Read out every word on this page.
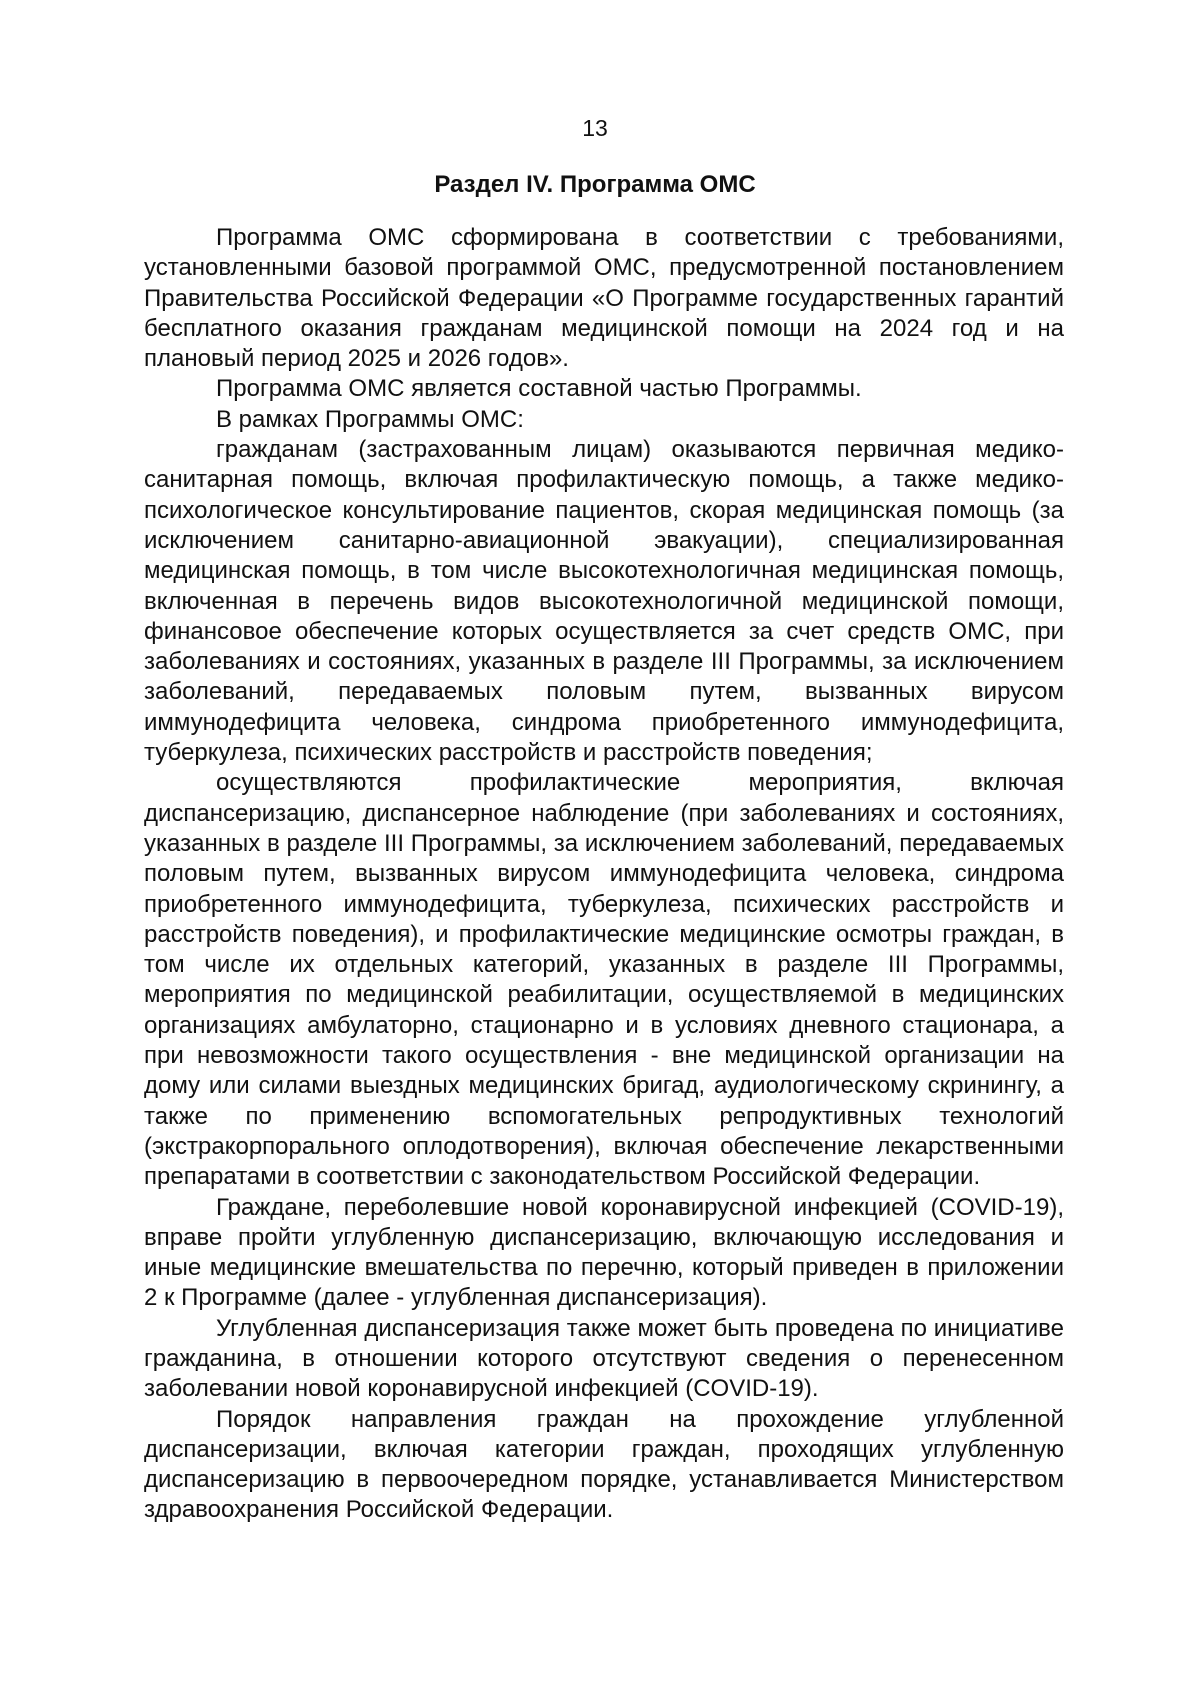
13
Раздел IV. Программа ОМС

Программа ОМС сформирована в соответствии с требованиями, установленными базовой программой ОМС, предусмотренной постановлением Правительства Российской Федерации «О Программе государственных гарантий бесплатного оказания гражданам медицинской помощи на 2024 год и на плановый период 2025 и 2026 годов».

Программа ОМС является составной частью Программы.

В рамках Программы ОМС:

гражданам (застрахованным лицам) оказываются первичная медико-санитарная помощь, включая профилактическую помощь, а также медико-психологическое консультирование пациентов, скорая медицинская помощь (за исключением санитарно-авиационной эвакуации), специализированная медицинская помощь, в том числе высокотехнологичная медицинская помощь, включенная в перечень видов высокотехнологичной медицинской помощи, финансовое обеспечение которых осуществляется за счет средств ОМС, при заболеваниях и состояниях, указанных в разделе III Программы, за исключением заболеваний, передаваемых половым путем, вызванных вирусом иммунодефицита человека, синдрома приобретенного иммунодефицита, туберкулеза, психических расстройств и расстройств поведения;

осуществляются профилактические мероприятия, включая диспансеризацию, диспансерное наблюдение (при заболеваниях и состояниях, указанных в разделе III Программы, за исключением заболеваний, передаваемых половым путем, вызванных вирусом иммунодефицита человека, синдрома приобретенного иммунодефицита, туберкулеза, психических расстройств и расстройств поведения), и профилактические медицинские осмотры граждан, в том числе их отдельных категорий, указанных в разделе III Программы, мероприятия по медицинской реабилитации, осуществляемой в медицинских организациях амбулаторно, стационарно и в условиях дневного стационара, а при невозможности такого осуществления - вне медицинской организации на дому или силами выездных медицинских бригад, аудиологическому скринингу, а также по применению вспомогательных репродуктивных технологий (экстракорпорального оплодотворения), включая обеспечение лекарственными препаратами в соответствии с законодательством Российской Федерации.

Граждане, переболевшие новой коронавирусной инфекцией (COVID-19), вправе пройти углубленную диспансеризацию, включающую исследования и иные медицинские вмешательства по перечню, который приведен в приложении 2 к Программе (далее - углубленная диспансеризация).

Углубленная диспансеризация также может быть проведена по инициативе гражданина, в отношении которого отсутствуют сведения о перенесенном заболевании новой коронавирусной инфекцией (COVID-19).

Порядок направления граждан на прохождение углубленной диспансеризации, включая категории граждан, проходящих углубленную диспансеризацию в первоочередном порядке, устанавливается Министерством здравоохранения Российской Федерации.
